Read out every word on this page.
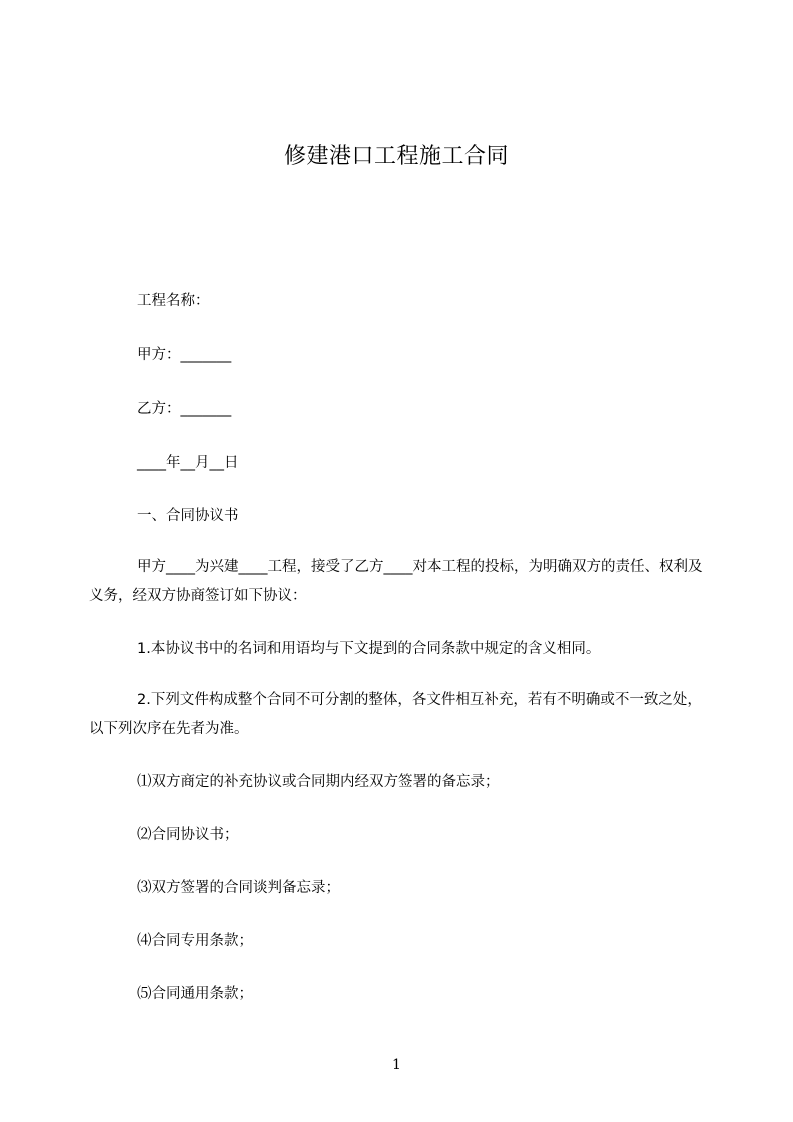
修建港口工程施工合同
工程名称：
甲方：_______
乙方：_______
____年__月__日
一、合同协议书
甲方____为兴建____工程，接受了乙方____对本工程的投标，为明确双方的责任、权利及义务，经双方协商签订如下协议：
1.本协议书中的名词和用语均与下文提到的合同条款中规定的含义相同。
2.下列文件构成整个合同不可分割的整体，各文件相互补充，若有不明确或不一致之处，以下列次序在先者为准。
⑴双方商定的补充协议或合同期内经双方签署的备忘录；
⑵合同协议书；
⑶双方签署的合同谈判备忘录；
⑷合同专用条款；
⑸合同通用条款；
1
